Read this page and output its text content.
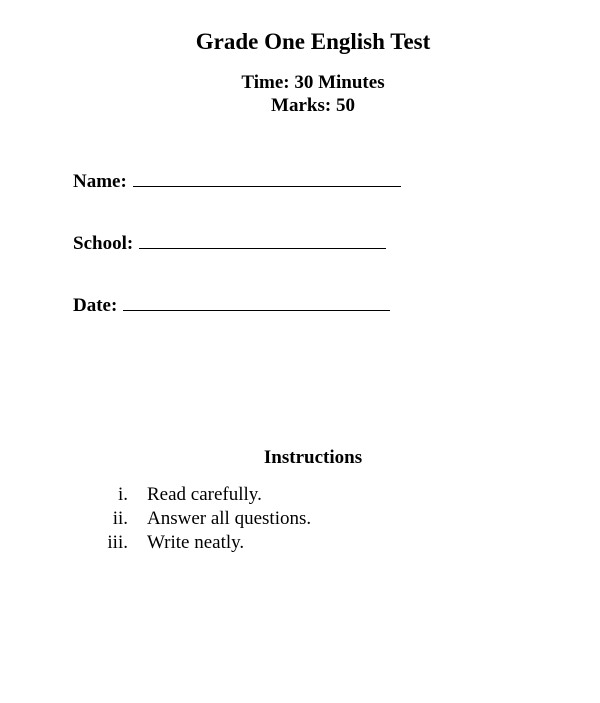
Grade One English Test
Time: 30 Minutes
Marks: 50
Name:
School:
Date:
Instructions
i. Read carefully.
ii. Answer all questions.
iii. Write neatly.
